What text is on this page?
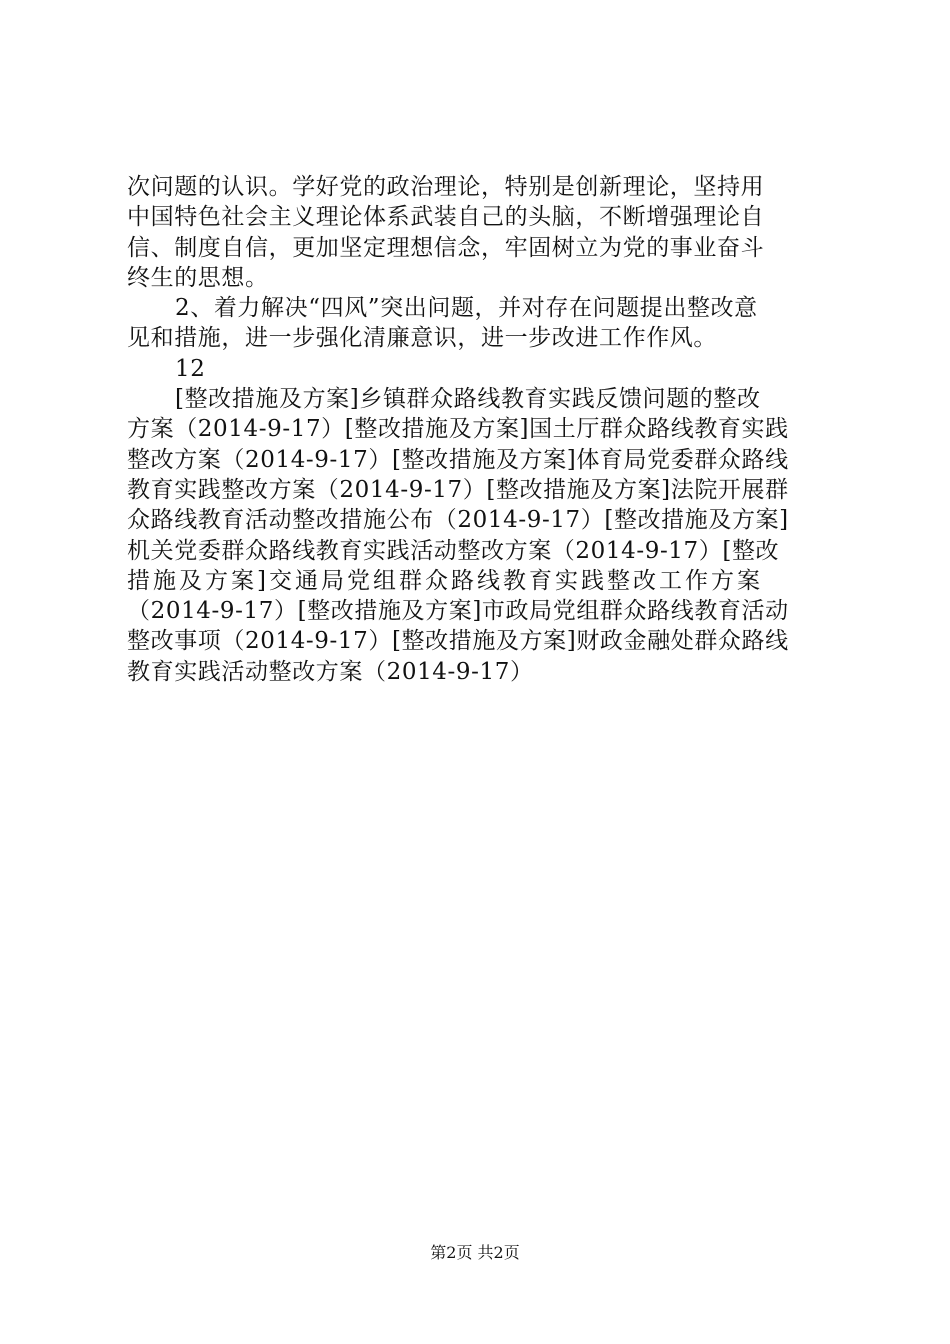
次问题的认识。学好党的政治理论，特别是创新理论，坚持用
中国特色社会主义理论体系武装自己的头脑，不断增强理论自
信、制度自信，更加坚定理想信念，牢固树立为党的事业奋斗
终生的思想。
2、着力解决“四风”突出问题，并对存在问题提出整改意
见和措施，进一步强化清廉意识，进一步改进工作作风。
12
[整改措施及方案]乡镇群众路线教育实践反馈问题的整改
方案（2014-9-17）[整改措施及方案]国土厅群众路线教育实践
整改方案（2014-9-17）[整改措施及方案]体育局党委群众路线
教育实践整改方案（2014-9-17）[整改措施及方案]法院开展群
众路线教育活动整改措施公布（2014-9-17）[整改措施及方案]
机关党委群众路线教育实践活动整改方案（2014-9-17）[整改
措施及方案]交通局党组群众路线教育实践整改工作方案
（2014-9-17）[整改措施及方案]市政局党组群众路线教育活动
整改事项（2014-9-17）[整改措施及方案]财政金融处群众路线
教育实践活动整改方案（2014-9-17）
第2页 共2页
